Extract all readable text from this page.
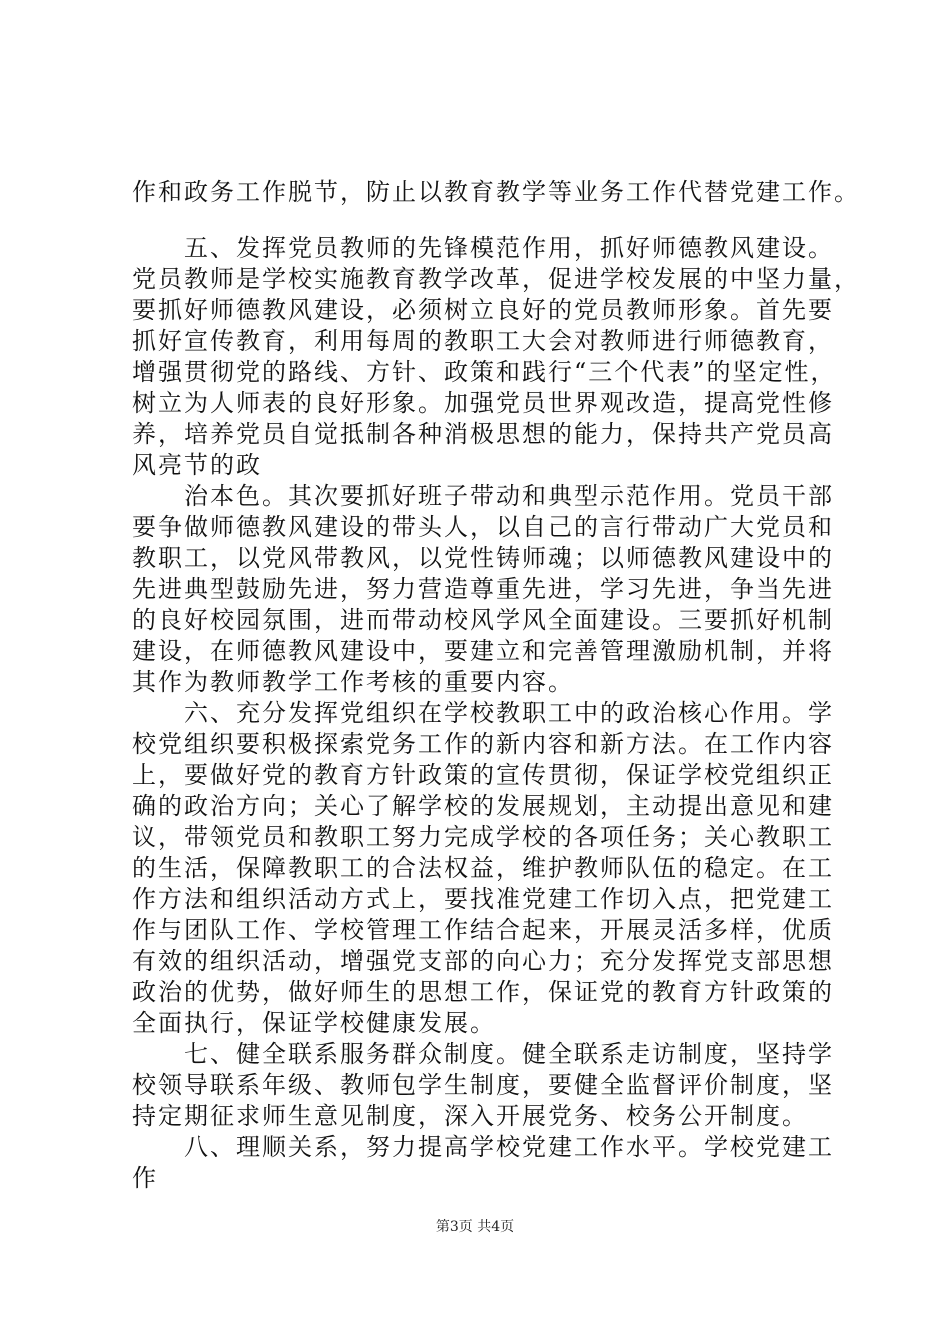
作和政务工作脱节，防止以教育教学等业务工作代替党建工作。
　　五、发挥党员教师的先锋模范作用，抓好师德教风建设。
党员教师是学校实施教育教学改革，促进学校发展的中坚力量，
要抓好师德教风建设，必须树立良好的党员教师形象。首先要
抓好宣传教育，利用每周的教职工大会对教师进行师德教育，
增强贯彻党的路线、方针、政策和践行“三个代表”的坚定性，
树立为人师表的良好形象。加强党员世界观改造，提高党性修
养，培养党员自觉抵制各种消极思想的能力，保持共产党员高
风亮节的政
　　治本色。其次要抓好班子带动和典型示范作用。党员干部
要争做师德教风建设的带头人，以自己的言行带动广大党员和
教职工，以党风带教风，以党性铸师魂；以师德教风建设中的
先进典型鼓励先进，努力营造尊重先进，学习先进，争当先进
的良好校园氛围，进而带动校风学风全面建设。三要抓好机制
建设，在师德教风建设中，要建立和完善管理激励机制，并将
其作为教师教学工作考核的重要内容。
　　六、充分发挥党组织在学校教职工中的政治核心作用。学
校党组织要积极探索党务工作的新内容和新方法。在工作内容
上，要做好党的教育方针政策的宣传贯彻，保证学校党组织正
确的政治方向；关心了解学校的发展规划，主动提出意见和建
议，带领党员和教职工努力完成学校的各项任务；关心教职工
的生活，保障教职工的合法权益，维护教师队伍的稳定。在工
作方法和组织活动方式上，要找准党建工作切入点，把党建工
作与团队工作、学校管理工作结合起来，开展灵活多样，优质
有效的组织活动，增强党支部的向心力；充分发挥党支部思想
政治的优势，做好师生的思想工作，保证党的教育方针政策的
全面执行，保证学校健康发展。
　　七、健全联系服务群众制度。健全联系走访制度，坚持学
校领导联系年级、教师包学生制度，要健全监督评价制度，坚
持定期征求师生意见制度，深入开展党务、校务公开制度。
　　八、理顺关系，努力提高学校党建工作水平。学校党建工
作
第3页 共4页
